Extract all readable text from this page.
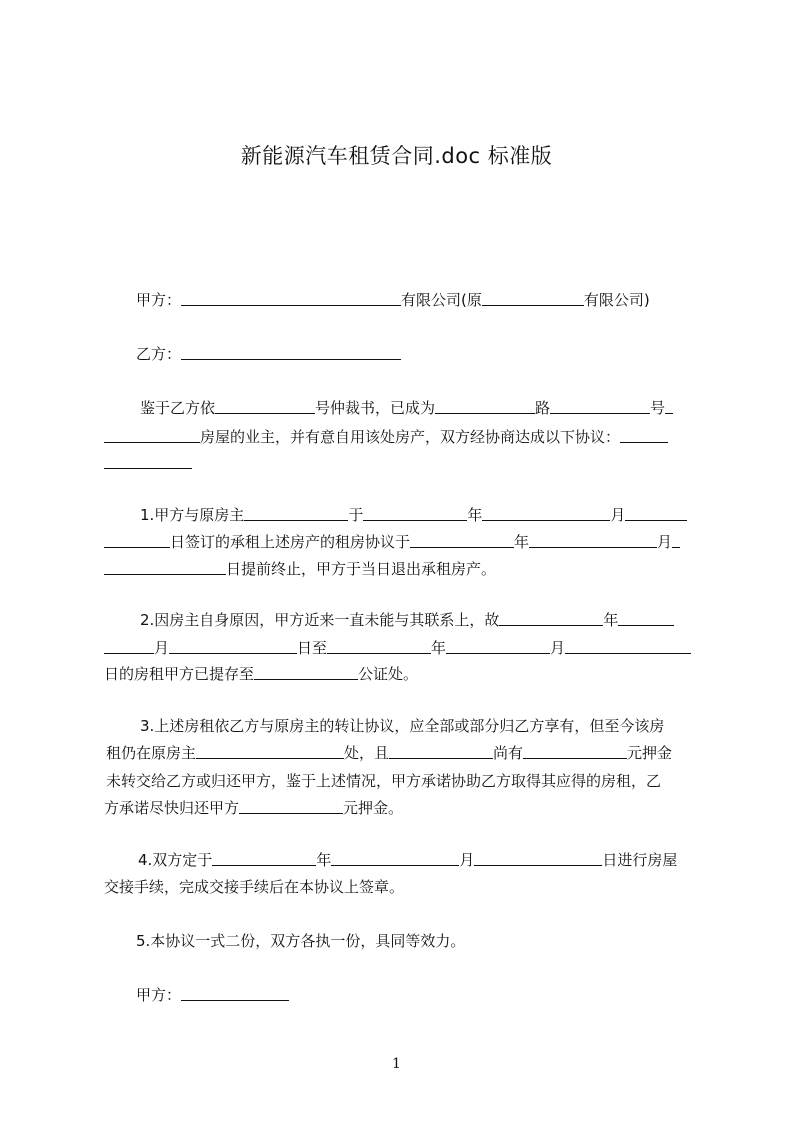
新能源汽车租赁合同.doc 标准版
甲方：	有限公司(原	有限公司)
乙方：
鉴于乙方依	号仲裁书，已成为	路	号
房屋的业主，并有意自用该处房产，双方经协商达成以下协议：
1.甲方与原房主	于	年	月
日签订的承租上述房产的租房协议于	年	月
日提前终止，甲方于当日退出承租房产。
2.因房主自身原因，甲方近来一直未能与其联系上，故	年
月	日至	年	月
日的房租甲方已提存至	公证处。
3.上述房租依乙方与原房主的转让协议，应全部或部分归乙方享有，但至今该房
租仍在原房主	处，且	尚有	元押金
未转交给乙方或归还甲方，鉴于上述情况，甲方承诺协助乙方取得其应得的房租，乙
方承诺尽快归还甲方	元押金。
4.双方定于	年	月	日进行房屋
交接手续，完成交接手续后在本协议上签章。
5.本协议一式二份，双方各执一份，具同等效力。
甲方：
1
